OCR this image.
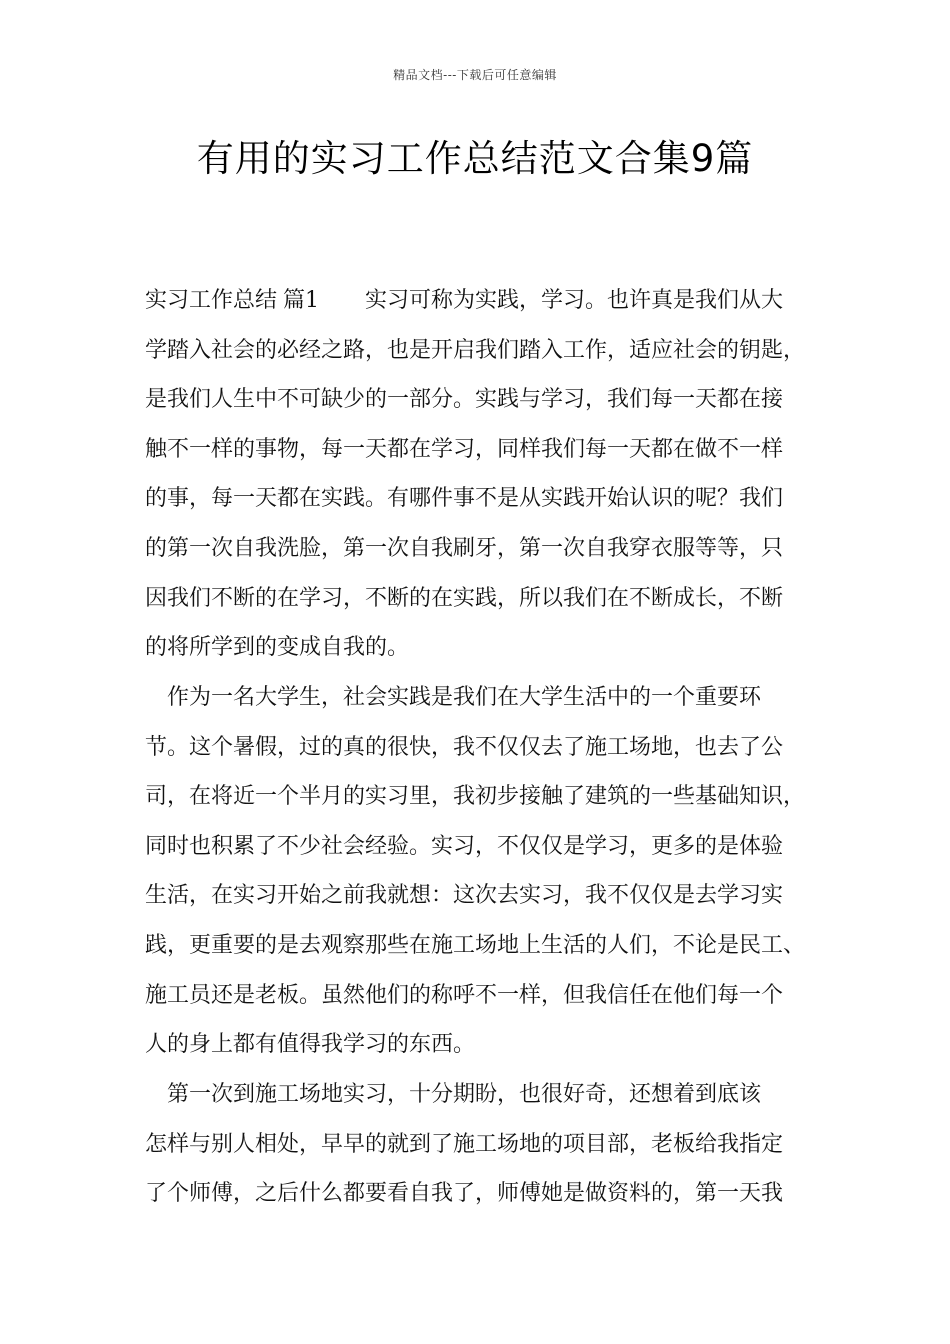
精品文档---下载后可任意编辑
有用的实习工作总结范文合集9篇
实习工作总结 篇1 实习可称为实践，学习。也许真是我们从大
学踏入社会的必经之路，也是开启我们踏入工作，适应社会的钥匙，
是我们人生中不可缺少的一部分。实践与学习，我们每一天都在接
触不一样的事物，每一天都在学习，同样我们每一天都在做不一样
的事，每一天都在实践。有哪件事不是从实践开始认识的呢？我们
的第一次自我洗脸，第一次自我刷牙，第一次自我穿衣服等等，只
因我们不断的在学习，不断的在实践，所以我们在不断成长，不断
的将所学到的变成自我的。
　作为一名大学生，社会实践是我们在大学生活中的一个重要环
节。这个暑假，过的真的很快，我不仅仅去了施工场地，也去了公
司，在将近一个半月的实习里，我初步接触了建筑的一些基础知识，
同时也积累了不少社会经验。实习，不仅仅是学习，更多的是体验
生活，在实习开始之前我就想：这次去实习，我不仅仅是去学习实
践，更重要的是去观察那些在施工场地上生活的人们，不论是民工、
施工员还是老板。虽然他们的称呼不一样，但我信任在他们每一个
人的身上都有值得我学习的东西。
　第一次到施工场地实习，十分期盼，也很好奇，还想着到底该
怎样与别人相处，早早的就到了施工场地的项目部，老板给我指定
了个师傅，之后什么都要看自我了，师傅她是做资料的，第一天我
